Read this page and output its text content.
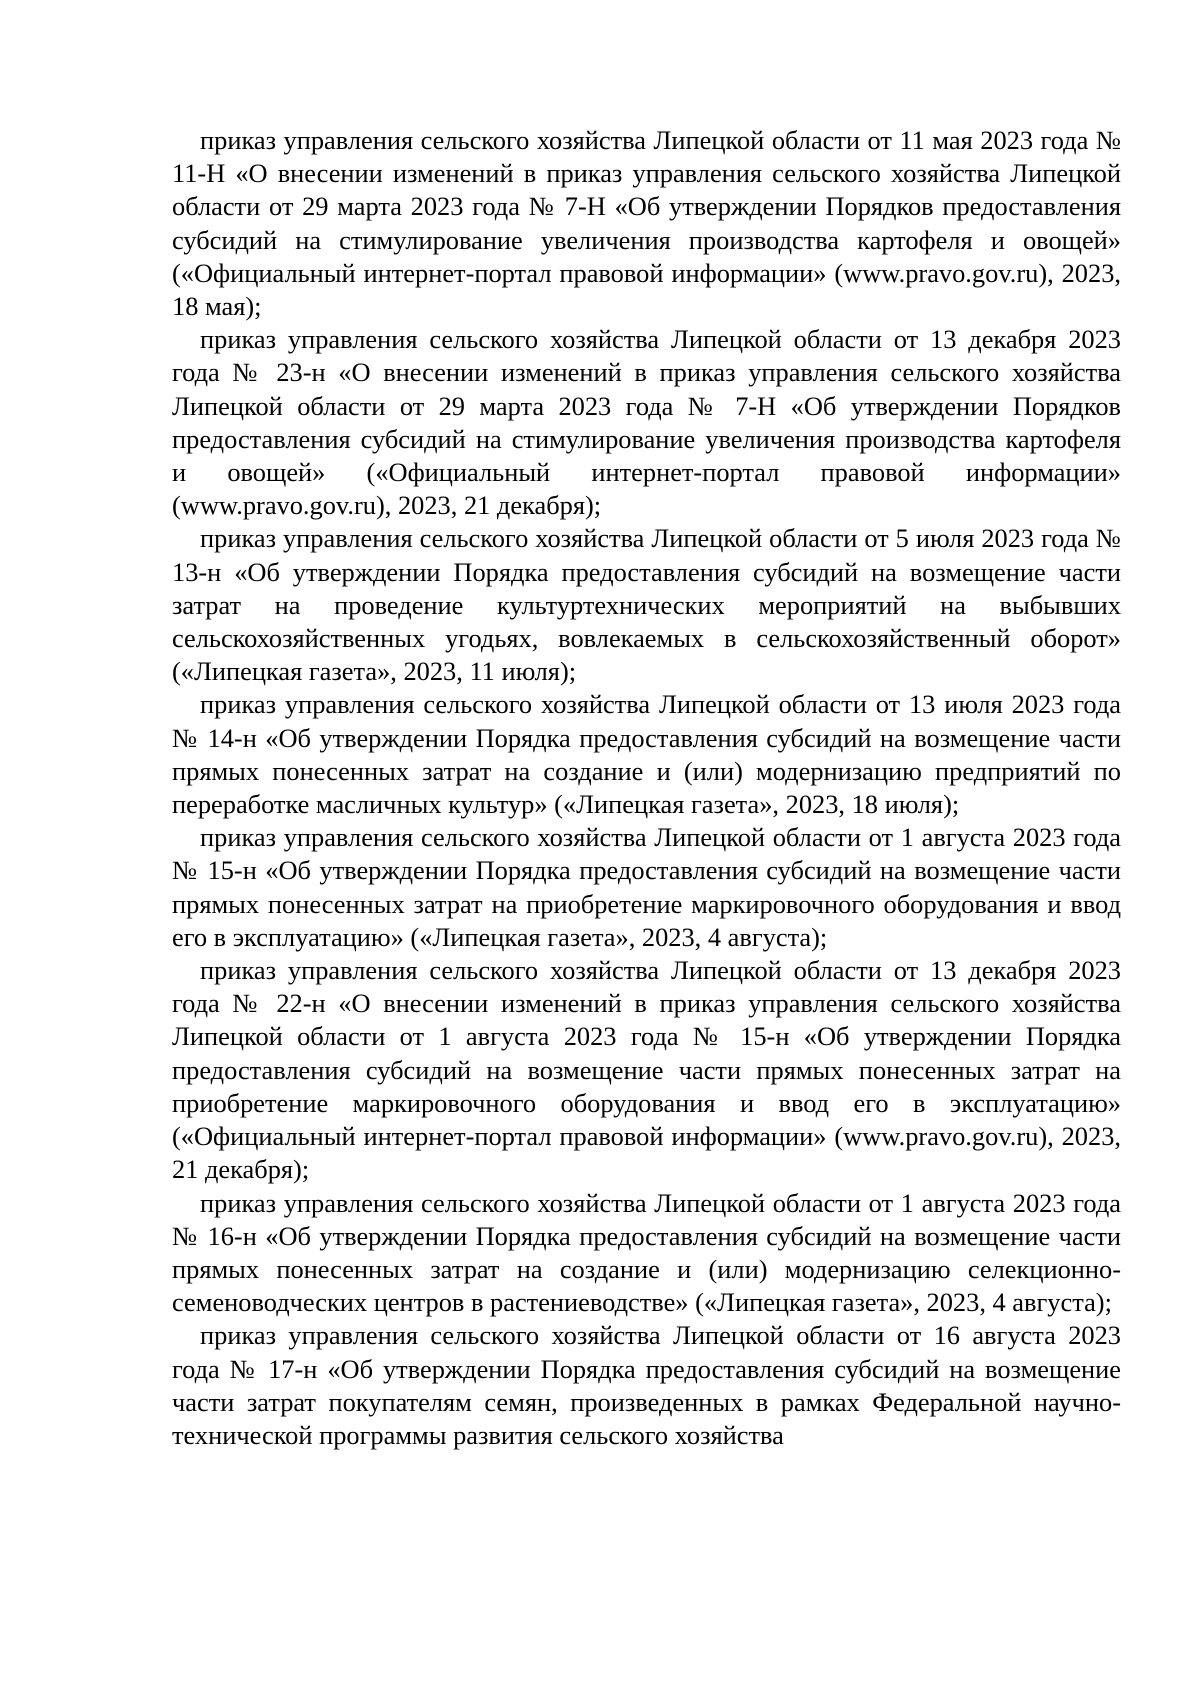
приказ управления сельского хозяйства Липецкой области от 11 мая 2023 года № 11-Н «О внесении изменений в приказ управления сельского хозяйства Липецкой области от 29 марта 2023 года № 7-Н «Об утверждении Порядков предоставления субсидий на стимулирование увеличения производства картофеля и овощей» («Официальный интернет-портал правовой информации» (www.pravo.gov.ru), 2023, 18 мая);

приказ управления сельского хозяйства Липецкой области от 13 декабря 2023 года № 23-н «О внесении изменений в приказ управления сельского хозяйства Липецкой области от 29 марта 2023 года № 7-Н «Об утверждении Порядков предоставления субсидий на стимулирование увеличения производства картофеля и овощей» («Официальный интернет-портал правовой информации» (www.pravo.gov.ru), 2023, 21 декабря);

приказ управления сельского хозяйства Липецкой области от 5 июля 2023 года № 13-н «Об утверждении Порядка предоставления субсидий на возмещение части затрат на проведение культуртехнических мероприятий на выбывших сельскохозяйственных угодьях, вовлекаемых в сельскохозяйственный оборот» («Липецкая газета», 2023, 11 июля);

приказ управления сельского хозяйства Липецкой области от 13 июля 2023 года № 14-н «Об утверждении Порядка предоставления субсидий на возмещение части прямых понесенных затрат на создание и (или) модернизацию предприятий по переработке масличных культур» («Липецкая газета», 2023, 18 июля);

приказ управления сельского хозяйства Липецкой области от 1 августа 2023 года № 15-н «Об утверждении Порядка предоставления субсидий на возмещение части прямых понесенных затрат на приобретение маркировочного оборудования и ввод его в эксплуатацию» («Липецкая газета», 2023, 4 августа);

приказ управления сельского хозяйства Липецкой области от 13 декабря 2023 года № 22-н «О внесении изменений в приказ управления сельского хозяйства Липецкой области от 1 августа 2023 года № 15-н «Об утверждении Порядка предоставления субсидий на возмещение части прямых понесенных затрат на приобретение маркировочного оборудования и ввод его в эксплуатацию» («Официальный интернет-портал правовой информации» (www.pravo.gov.ru), 2023, 21 декабря);

приказ управления сельского хозяйства Липецкой области от 1 августа 2023 года № 16-н «Об утверждении Порядка предоставления субсидий на возмещение части прямых понесенных затрат на создание и (или) модернизацию селекционно-семеноводческих центров в растениеводстве» («Липецкая газета», 2023, 4 августа);

приказ управления сельского хозяйства Липецкой области от 16 августа 2023 года № 17-н «Об утверждении Порядка предоставления субсидий на возмещение части затрат покупателям семян, произведенных в рамках Федеральной научно-технической программы развития сельского хозяйства
